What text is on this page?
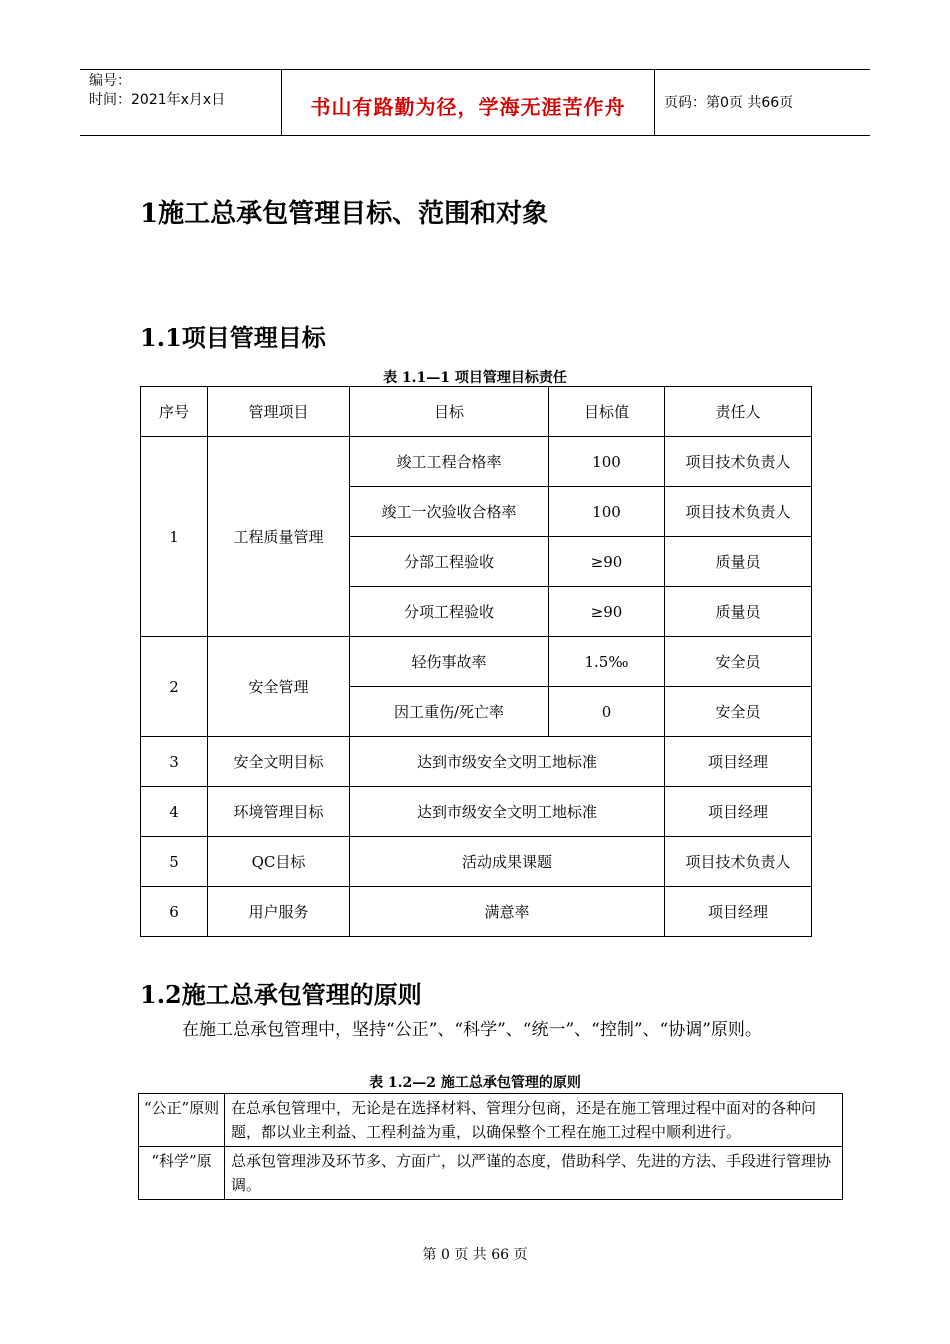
编号：
时间：2021年x月x日	书山有路勤为径，学海无涯苦作舟	页码：第0页 共66页
1施工总承包管理目标、范围和对象
1.1项目管理目标
表 1.1—1 项目管理目标责任
序号	管理项目	目标	目标值	责任人
1	工程质量管理	竣工工程合格率	100	项目技术负责人
		竣工一次验收合格率	100	项目技术负责人
		分部工程验收	≥90	质量员
		分项工程验收	≥90	质量员
2	安全管理	轻伤事故率	1.5‰	安全员
		因工重伤/死亡率	0	安全员
3	安全文明目标	达到市级安全文明工地标准		项目经理
4	环境管理目标	达到市级安全文明工地标准		项目经理
5	QC目标	活动成果课题		项目技术负责人
6	用户服务	满意率		项目经理
1.2施工总承包管理的原则
在施工总承包管理中，坚持“公正”、“科学”、“统一”、“控制”、“协调”原则。
表 1.2—2 施工总承包管理的原则
“公正”原则	在总承包管理中，无论是在选择材料、管理分包商，还是在施工管理过程中面对的各种问题，都以业主利益、工程利益为重，以确保整个工程在施工过程中顺利进行。
“科学”原	总承包管理涉及环节多、方面广，以严谨的态度，借助科学、先进的方法、手段进行管理协调。
第 0 页 共 66 页
